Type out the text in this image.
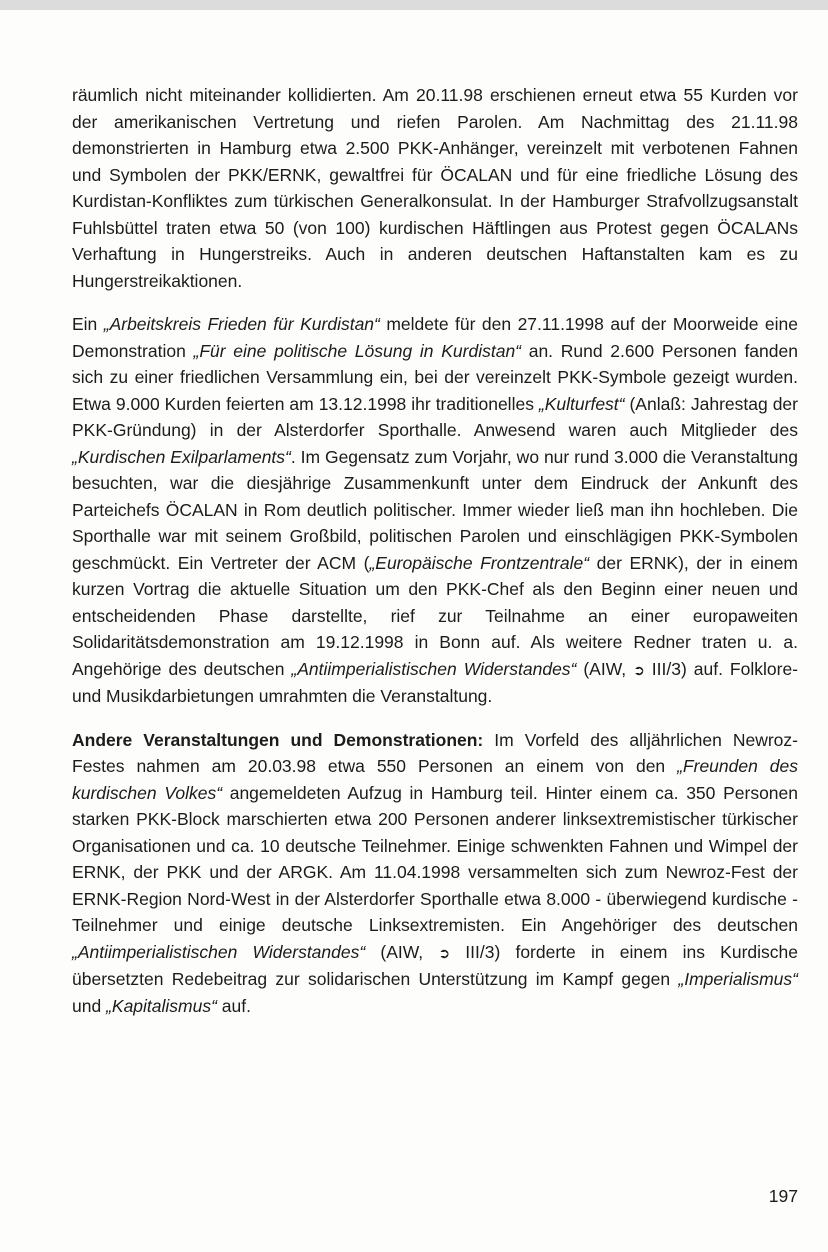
räumlich nicht miteinander kollidierten. Am 20.11.98 erschienen erneut etwa 55 Kurden vor der amerikanischen Vertretung und riefen Parolen. Am Nachmittag des 21.11.98 demonstrierten in Hamburg etwa 2.500 PKK-Anhänger, vereinzelt mit verbotenen Fahnen und Symbolen der PKK/ERNK, gewaltfrei für ÖCALAN und für eine friedliche Lösung des Kurdistan-Konfliktes zum türkischen Generalkonsulat. In der Hamburger Strafvollzugsanstalt Fuhlsbüttel traten etwa 50 (von 100) kurdischen Häftlingen aus Protest gegen ÖCALANs Verhaftung in Hungerstreiks. Auch in anderen deutschen Haftanstalten kam es zu Hungerstreikaktionen.

Ein „Arbeitskreis Frieden für Kurdistan“ meldete für den 27.11.1998 auf der Moorweide eine Demonstration „Für eine politische Lösung in Kurdistan“ an. Rund 2.600 Personen fanden sich zu einer friedlichen Versammlung ein, bei der vereinzelt PKK-Symbole gezeigt wurden. Etwa 9.000 Kurden feierten am 13.12.1998 ihr traditionelles „Kulturfest“ (Anlaß: Jahrestag der PKK-Gründung) in der Alsterdorfer Sporthalle. Anwesend waren auch Mitglieder des „Kurdischen Exilparlaments“. Im Gegensatz zum Vorjahr, wo nur rund 3.000 die Veranstaltung besuchten, war die diesjährige Zusammenkunft unter dem Eindruck der Ankunft des Parteichefs ÖCALAN in Rom deutlich politischer. Immer wieder ließ man ihn hochleben. Die Sporthalle war mit seinem Großbild, politischen Parolen und einschlägigen PKK-Symbolen geschmückt. Ein Vertreter der ACM („Europäische Frontzentrale“ der ERNK), der in einem kurzen Vortrag die aktuelle Situation um den PKK-Chef als den Beginn einer neuen und entscheidenden Phase darstellte, rief zur Teilnahme an einer europaweiten Solidaritätsdemonstration am 19.12.1998 in Bonn auf. Als weitere Redner traten u. a. Angehörige des deutschen „Antiimperialistischen Widerstandes“ (AIW, ➲ III/3) auf. Folklore- und Musikdarbietungen umrahmten die Veranstaltung.

Andere Veranstaltungen und Demonstrationen: Im Vorfeld des alljährlichen Newroz-Festes nahmen am 20.03.98 etwa 550 Personen an einem von den „Freunden des kurdischen Volkes“ angemeldeten Aufzug in Hamburg teil. Hinter einem ca. 350 Personen starken PKK-Block marschierten etwa 200 Personen anderer linksextremistischer türkischer Organisationen und ca. 10 deutsche Teilnehmer. Einige schwenkten Fahnen und Wimpel der ERNK, der PKK und der ARGK. Am 11.04.1998 versammelten sich zum Newroz-Fest der ERNK-Region Nord-West in der Alsterdorfer Sporthalle etwa 8.000 - überwiegend kurdische - Teilnehmer und einige deutsche Linksextremisten. Ein Angehöriger des deutschen „Antiimperialistischen Widerstandes“ (AIW, ➲ III/3) forderte in einem ins Kurdische übersetzten Redebeitrag zur solidarischen Unterstützung im Kampf gegen „Imperialismus“ und „Kapitalismus“ auf.

197
